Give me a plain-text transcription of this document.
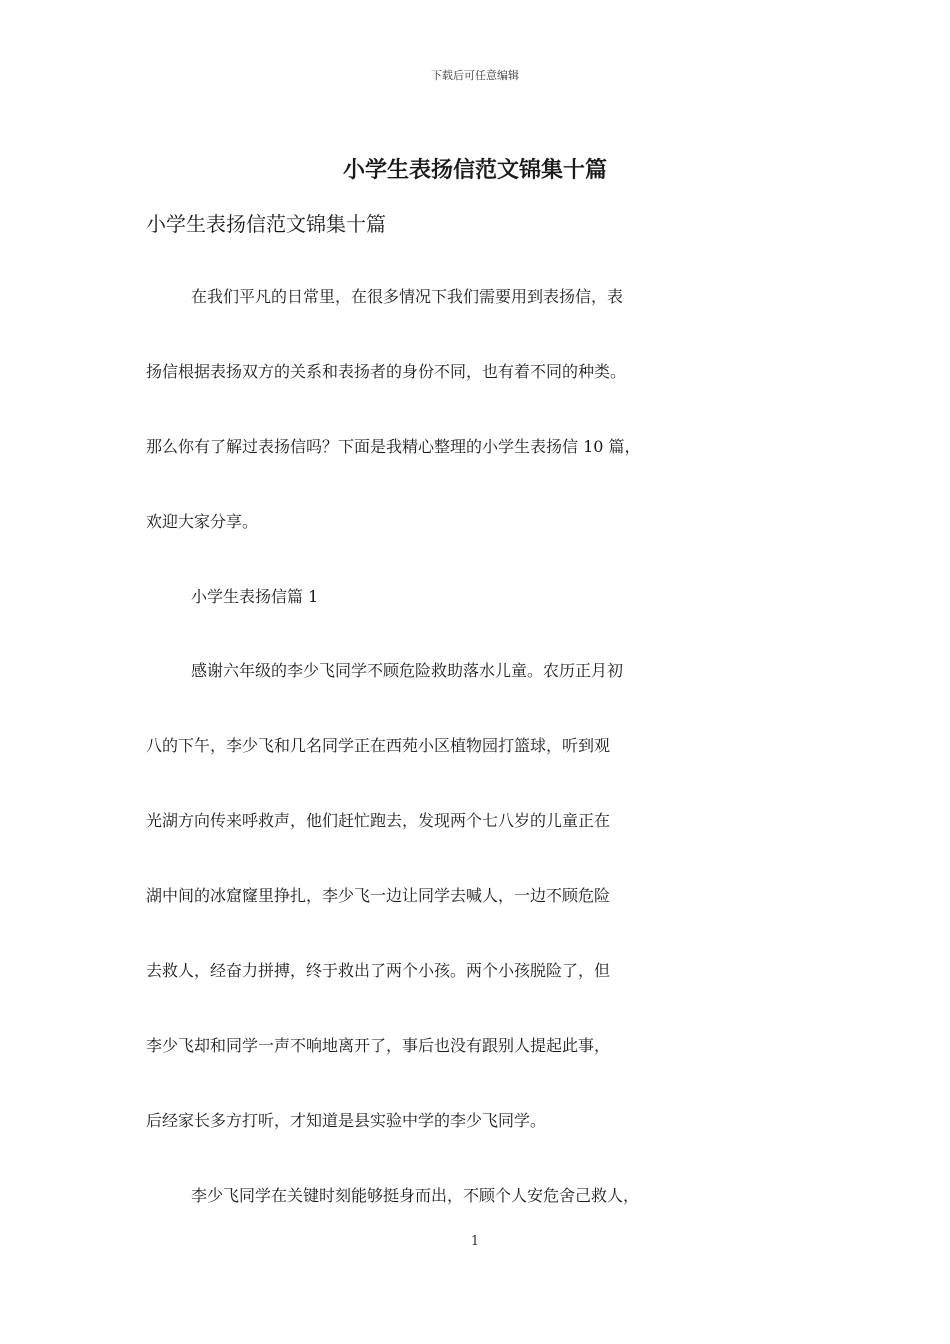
下载后可任意编辑
小学生表扬信范文锦集十篇

小学生表扬信范文锦集十篇

在我们平凡的日常里，在很多情况下我们需要用到表扬信，表
扬信根据表扬双方的关系和表扬者的身份不同，也有着不同的种类。
那么你有了解过表扬信吗？下面是我精心整理的小学生表扬信 10 篇，
欢迎大家分享。
小学生表扬信篇 1
感谢六年级的李少飞同学不顾危险救助落水儿童。农历正月初
八的下午，李少飞和几名同学正在西苑小区植物园打篮球，听到观
光湖方向传来呼救声，他们赶忙跑去，发现两个七八岁的儿童正在
湖中间的冰窟窿里挣扎，李少飞一边让同学去喊人，一边不顾危险
去救人，经奋力拼搏，终于救出了两个小孩。两个小孩脱险了，但
李少飞却和同学一声不响地离开了，事后也没有跟别人提起此事，
后经家长多方打听，才知道是县实验中学的李少飞同学。
李少飞同学在关键时刻能够挺身而出，不顾个人安危舍己救人，
1
